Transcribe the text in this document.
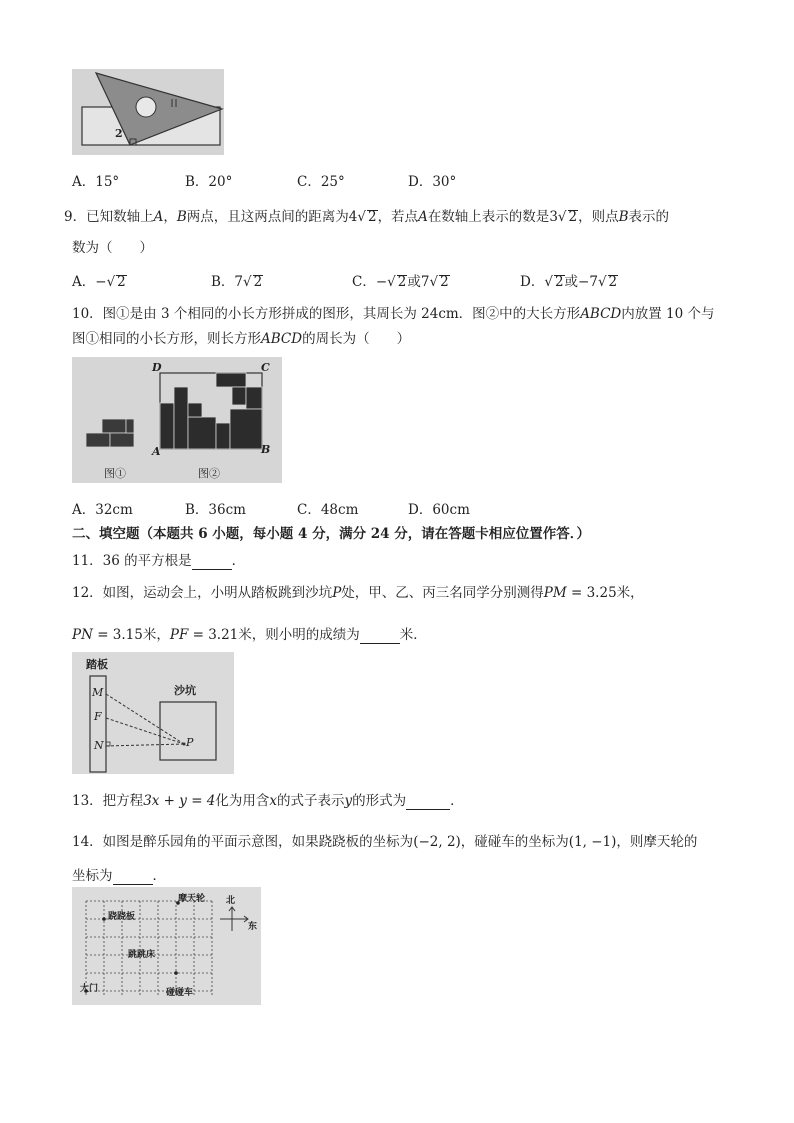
2
A．15°	B．20°	C．25°	D．30°
9．已知数轴上A，B两点，且这两点间的距离为4√ 2，若点A在数轴上表示的数是3√ 2，则点B表示的
数为（　　）
A．−√ 2	B．7√ 2	C．−√ 2或7√ 2	D．√ 2或−7√ 2
10．图①是由 3 个相同的小长方形拼成的图形，其周长为 24cm．图②中的大长方形ABCD内放置 10 个与
图①相同的小长方形，则长方形ABCD的周长为（　　）
D	C
A	B
图①	图②
A．32cm	B．36cm	C．48cm	D．60cm
二、填空题（本题共 6 小题，每小题 4 分，满分 24 分，请在答题卡相应位置作答．）
11．36 的平方根是	．
12．如图，运动会上，小明从踏板跳到沙坑P处，甲、乙、丙三名同学分别测得PM = 3.25米，
PN = 3.15米，PF = 3.21米，则小明的成绩为	米．
踏板
沙坑
M
F
N	P
13．把方程3x + y = 4化为用含x的式子表示y的形式为	．
14．如图是醉乐园角的平面示意图，如果跷跷板的坐标为(−2, 2)，碰碰车的坐标为(1, −1)，则摩天轮的
坐标为	．
摩天轮
跷跷板
跳跳床
大门	碰碰车
北
东
